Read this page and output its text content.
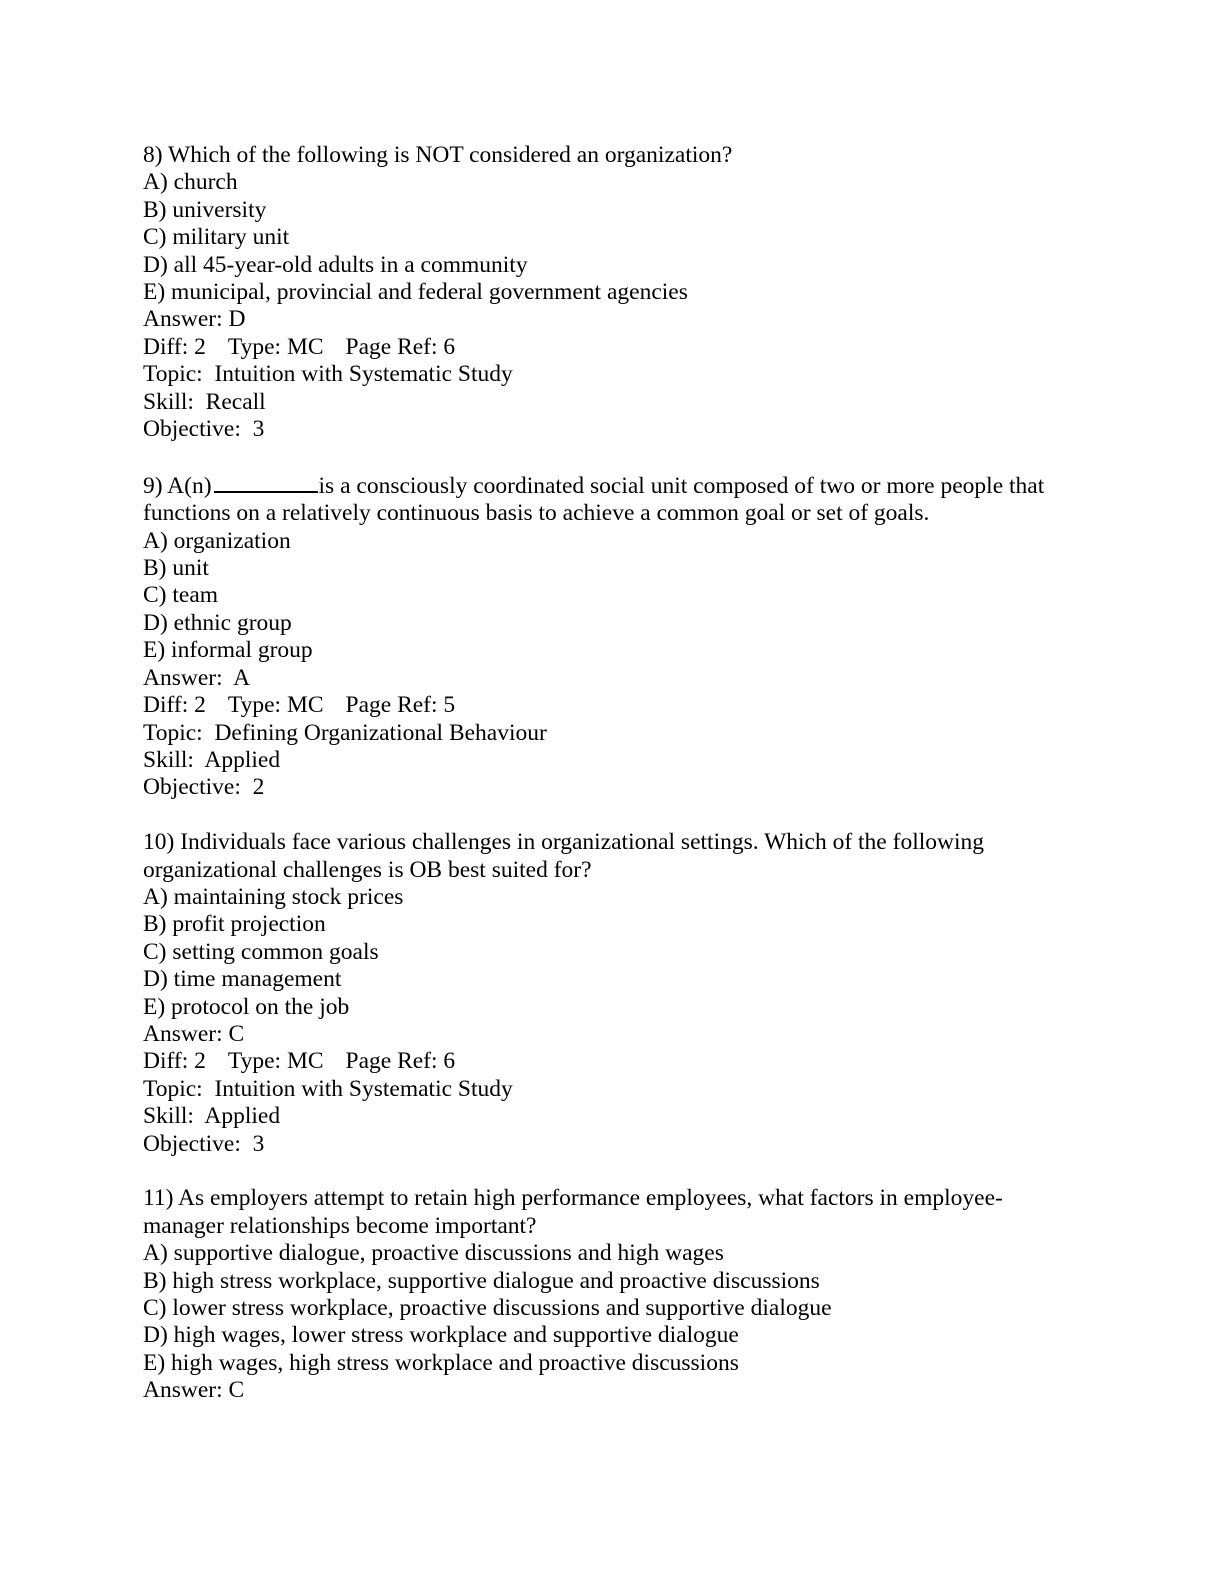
8) Which of the following is NOT considered an organization?
A) church
B) university
C) military unit
D) all 45-year-old adults in a community
E) municipal, provincial and federal government agencies
Answer: D
Diff: 2 Type: MC Page Ref: 6
Topic:  Intuition with Systematic Study
Skill:  Recall
Objective:  3
9) A(n)	is a consciously coordinated social unit composed of two or more people that functions on a relatively continuous basis to achieve a common goal or set of goals.
A) organization
B) unit
C) team
D) ethnic group
E) informal group
Answer:  A
Diff: 2 Type: MC Page Ref: 5
Topic:  Defining Organizational Behaviour
Skill:  Applied
Objective:  2
10) Individuals face various challenges in organizational settings. Which of the following organizational challenges is OB best suited for?
A) maintaining stock prices
B) profit projection
C) setting common goals
D) time management
E) protocol on the job
Answer: C
Diff: 2 Type: MC Page Ref: 6
Topic:  Intuition with Systematic Study
Skill:  Applied
Objective:  3
11) As employers attempt to retain high performance employees, what factors in employee-manager relationships become important?
A) supportive dialogue, proactive discussions and high wages
B) high stress workplace, supportive dialogue and proactive discussions
C) lower stress workplace, proactive discussions and supportive dialogue
D) high wages, lower stress workplace and supportive dialogue
E) high wages, high stress workplace and proactive discussions
Answer: C
